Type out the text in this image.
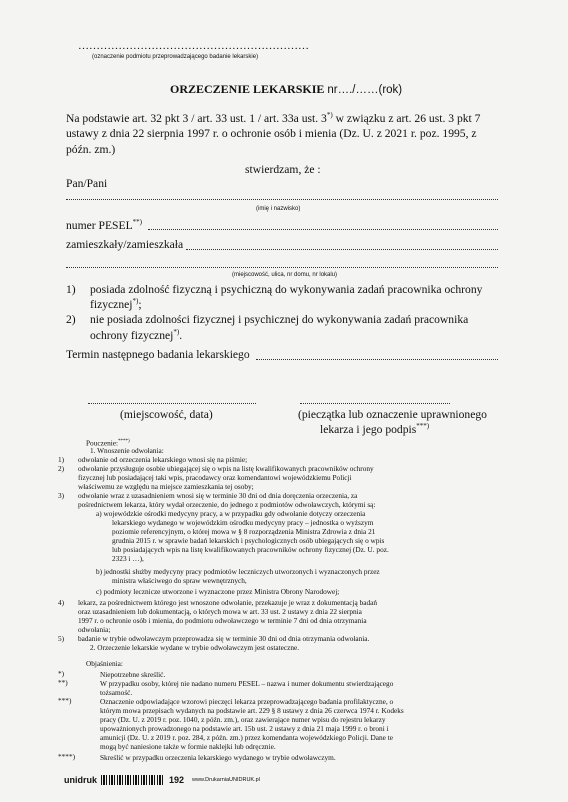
………………………………………………………
(oznaczenie podmiotu przeprowadzającego badanie lekarskie)
ORZECZENIE LEKARSKIE nr…./……(rok)
Na podstawie art. 32 pkt 3 / art. 33 ust. 1 / art. 33a ust. 3*) w związku z art. 26 ust. 3 pkt 7
ustawy z dnia 22 sierpnia 1997 r. o ochronie osób i mienia (Dz. U. z 2021 r. poz. 1995, z
późn. zm.)
stwierdzam, że :
Pan/Pani
(imię i nazwisko)
numer PESEL**)
zamieszkały/zamieszkała
(miejscowość, ulica, nr domu, nr lokalu)
1) posiada zdolność fizyczną i psychiczną do wykonywania zadań pracownika ochrony
fizycznej*);
2) nie posiada zdolności fizycznej i psychicznej do wykonywania zadań pracownika
ochrony fizycznej*).
Termin następnego badania lekarskiego
(miejscowość, data)	(pieczątka lub oznaczenie uprawnionego
lekarza i jego podpis***)
Pouczenie:****)
1. Wnoszenie odwołania:
1) odwołanie od orzeczenia lekarskiego wnosi się na piśmie;
2) odwołanie przysługuje osobie ubiegającej się o wpis na listę kwalifikowanych pracowników ochrony
fizycznej lub posiadającej taki wpis, pracodawcy oraz komendantowi wojewódzkiemu Policji
właściwemu ze względu na miejsce zamieszkania tej osoby;
3) odwołanie wraz z uzasadnieniem wnosi się w terminie 30 dni od dnia doręczenia orzeczenia, za
pośrednictwem lekarza, który wydał orzeczenie, do jednego z podmiotów odwoławczych, którymi są:
a) wojewódzkie ośrodki medycyny pracy, a w przypadku gdy odwołanie dotyczy orzeczenia
lekarskiego wydanego w wojewódzkim ośrodku medycyny pracy – jednostka o wyższym
poziomie referencyjnym, o której mowa w § 8 rozporządzenia Ministra Zdrowia z dnia 21
grudnia 2015 r. w sprawie badań lekarskich i psychologicznych osób ubiegających się o wpis
lub posiadających wpis na listę kwalifikowanych pracowników ochrony fizycznej (Dz. U. poz.
2323 i …),
b) jednostki służby medycyny pracy podmiotów leczniczych utworzonych i wyznaczonych przez
ministra właściwego do spraw wewnętrznych,
c) podmioty lecznicze utworzone i wyznaczone przez Ministra Obrony Narodowej;
4) lekarz, za pośrednictwem którego jest wnoszone odwołanie, przekazuje je wraz z dokumentacją badań
oraz uzasadnieniem lub dokumentacją, o których mowa w art. 33 ust. 2 ustawy z dnia 22 sierpnia
1997 r. o ochronie osób i mienia, do podmiotu odwoławczego w terminie 7 dni od dnia otrzymania
odwołania;
5) badanie w trybie odwoławczym przeprowadza się w terminie 30 dni od dnia otrzymania odwołania.
2. Orzeczenie lekarskie wydane w trybie odwoławczym jest ostateczne.
Objaśnienia:
*)	Niepotrzebne skreślić.
**)	W przypadku osoby, której nie nadano numeru PESEL – nazwa i numer dokumentu stwierdzającego
tożsamość.
***)	Oznaczenie odpowiadające wzorowi pieczęci lekarza przeprowadzającego badania profilaktyczne, o
którym mowa przepisach wydanych na podstawie art. 229 § 8 ustawy z dnia 26 czerwca 1974 r. Kodeks
pracy (Dz. U. z 2019 r. poz. 1040, z późn. zm.), oraz zawierające numer wpisu do rejestru lekarzy
upoważnionych prowadzonego na podstawie art. 15b ust. 2 ustawy z dnia 21 maja 1999 r. o broni i
amunicji (Dz. U. z 2019 r. poz. 284, z późn. zm.) przez komendanta wojewódzkiego Policji. Dane te
mogą być naniesione także w formie naklejki lub odręcznie.
****)	Skreślić w przypadku orzeczenia lekarskiego wydanego w trybie odwoławczym.
unidruk	192 www.DrukarniaUNIDRUK.pl
